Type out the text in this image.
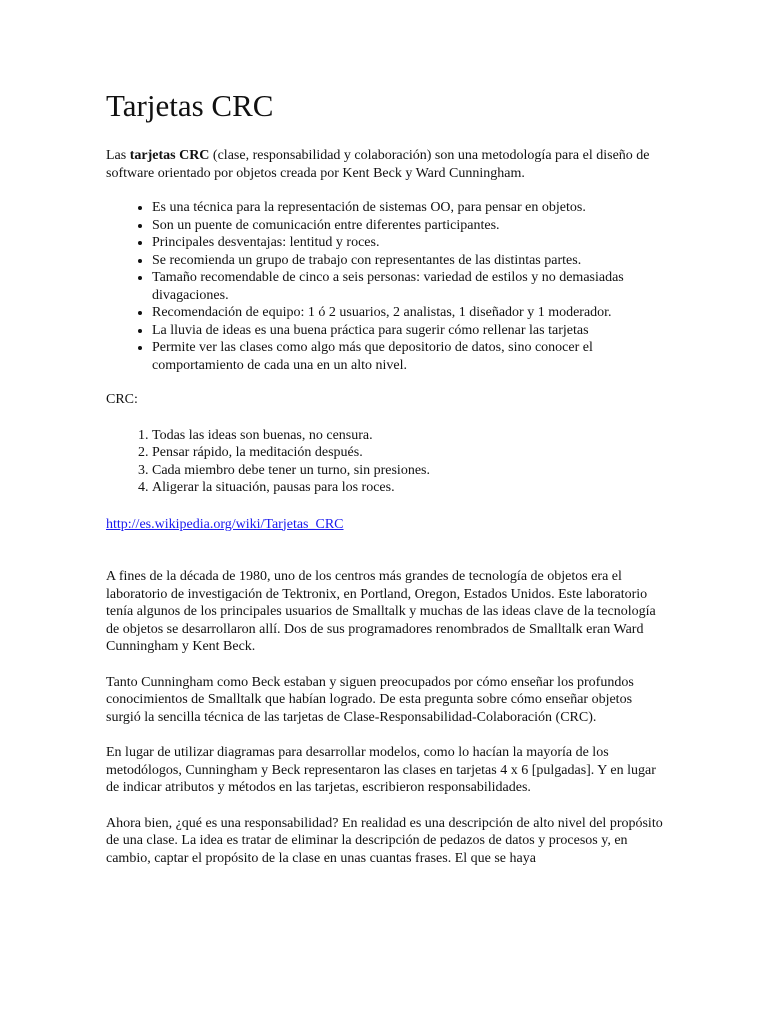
Tarjetas CRC

Las tarjetas CRC (clase, responsabilidad y colaboración) son una metodología para el diseño de software orientado por objetos creada por Kent Beck y Ward Cunningham.

• Es una técnica para la representación de sistemas OO, para pensar en objetos.
• Son un puente de comunicación entre diferentes participantes.
• Principales desventajas: lentitud y roces.
• Se recomienda un grupo de trabajo con representantes de las distintas partes.
• Tamaño recomendable de cinco a seis personas: variedad de estilos y no demasiadas divagaciones.
• Recomendación de equipo: 1 ó 2 usuarios, 2 analistas, 1 diseñador y 1 moderador.
• La lluvia de ideas es una buena práctica para sugerir cómo rellenar las tarjetas
• Permite ver las clases como algo más que depositorio de datos, sino conocer el comportamiento de cada una en un alto nivel.

CRC:

1. Todas las ideas son buenas, no censura.
2. Pensar rápido, la meditación después.
3. Cada miembro debe tener un turno, sin presiones.
4. Aligerar la situación, pausas para los roces.

http://es.wikipedia.org/wiki/Tarjetas_CRC

A fines de la década de 1980, uno de los centros más grandes de tecnología de objetos era el laboratorio de investigación de Tektronix, en Portland, Oregon, Estados Unidos. Este laboratorio tenía algunos de los principales usuarios de Smalltalk y muchas de las ideas clave de la tecnología de objetos se desarrollaron allí. Dos de sus programadores renombrados de Smalltalk eran Ward Cunningham y Kent Beck.

Tanto Cunningham como Beck estaban y siguen preocupados por cómo enseñar los profundos conocimientos de Smalltalk que habían logrado. De esta pregunta sobre cómo enseñar objetos surgió la sencilla técnica de las tarjetas de Clase-Responsabilidad-Colaboración (CRC).

En lugar de utilizar diagramas para desarrollar modelos, como lo hacían la mayoría de los metodólogos, Cunningham y Beck representaron las clases en tarjetas 4 x 6 [pulgadas]. Y en lugar de indicar atributos y métodos en las tarjetas, escribieron responsabilidades.

Ahora bien, ¿qué es una responsabilidad? En realidad es una descripción de alto nivel del propósito de una clase. La idea es tratar de eliminar la descripción de pedazos de datos y procesos y, en cambio, captar el propósito de la clase en unas cuantas frases. El que se haya
